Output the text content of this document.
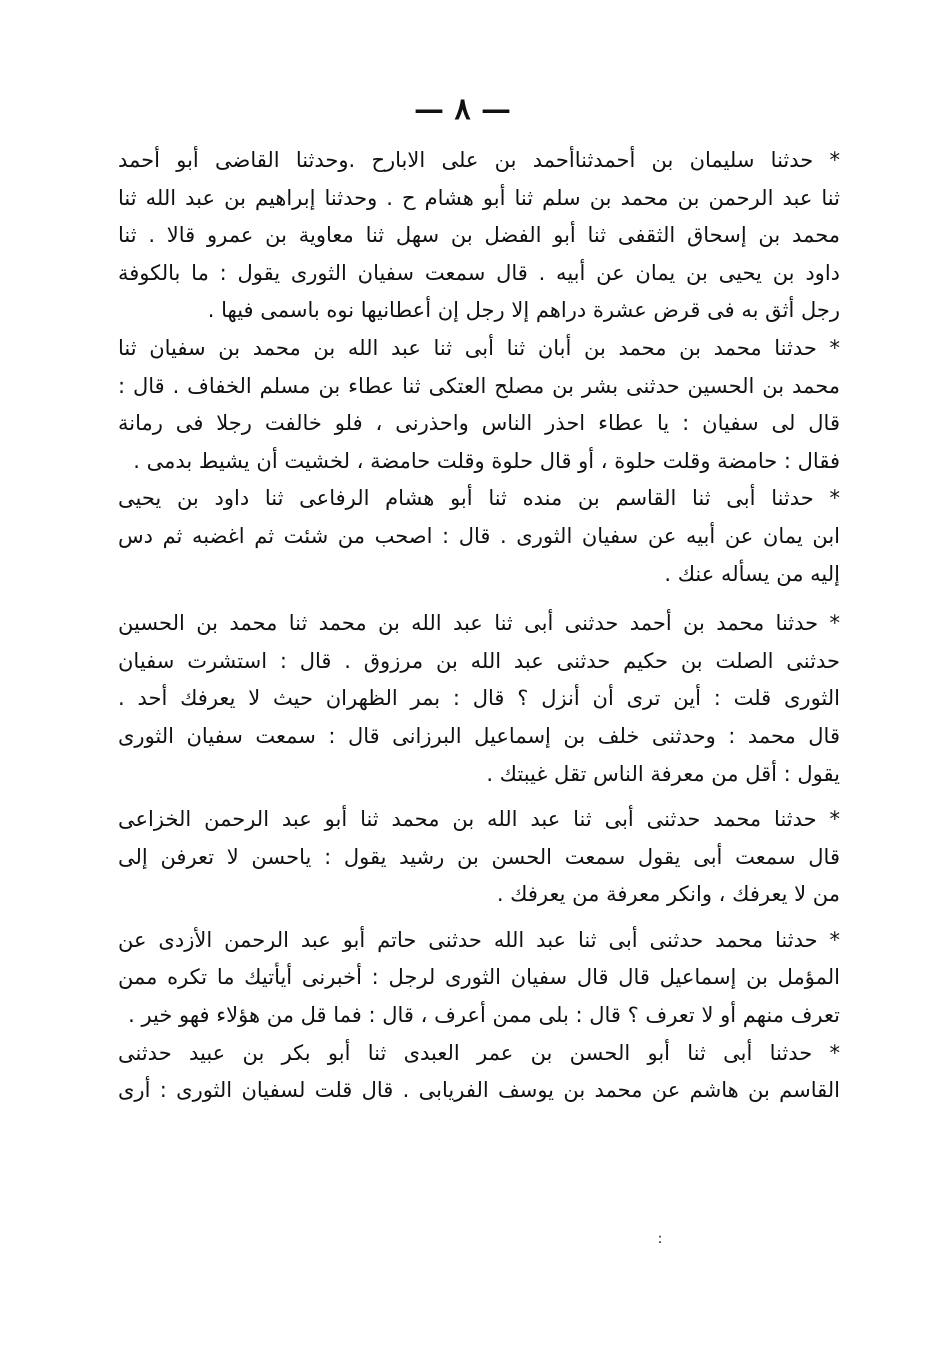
— ٨ —
* حدثنا سليمان بن أحمدثناأحمد بن على الابارح .وحدثنا القاضى أبو أحمد
ثنا عبد الرحمن بن محمد بن سلم ثنا أبو هشام ح . وحدثنا إبراهيم بن عبد الله ثنا
محمد بن إسحاق الثقفى ثنا أبو الفضل بن سهل ثنا معاوية بن عمرو قالا . ثنا
داود بن يحيى بن يمان عن أبيه . قال سمعت سفيان الثورى يقول : ما بالكوفة
رجل أثق به فى قرض عشرة دراهم إلا رجل إن أعطانيها نوه باسمى فيها .
* حدثنا محمد بن محمد بن أبان ثنا أبى ثنا عبد الله بن محمد بن سفيان ثنا
محمد بن الحسين حدثنى بشر بن مصلح العتكى ثنا عطاء بن مسلم الخفاف . قال :
قال لى سفيان : يا عطاء احذر الناس واحذرنى ، فلو خالفت رجلا فى رمانة
فقال : حامضة وقلت حلوة ، أو قال حلوة وقلت حامضة ، لخشيت أن يشيط بدمى .
* حدثنا أبى ثنا القاسم بن منده ثنا أبو هشام الرفاعى ثنا داود بن يحيى
ابن يمان عن أبيه عن سفيان الثورى . قال : اصحب من شئت ثم اغضبه ثم دس
إليه من يسأله عنك .
* حدثنا محمد بن أحمد حدثنى أبى ثنا عبد الله بن محمد ثنا محمد بن الحسين
حدثنى الصلت بن حكيم حدثنى عبد الله بن مرزوق . قال : استشرت سفيان
الثورى قلت : أين ترى أن أنزل ؟ قال : بمر الظهران حيث لا يعرفك أحد .
قال محمد : وحدثنى خلف بن إسماعيل البرزانى قال : سمعت سفيان الثورى
يقول : أقل من معرفة الناس تقل غيبتك .
* حدثنا محمد حدثنى أبى ثنا عبد الله بن محمد ثنا أبو عبد الرحمن الخزاعى
قال سمعت أبى يقول سمعت الحسن بن رشيد يقول : ياحسن لا تعرفن إلى
من لا يعرفك ، وانكر معرفة من يعرفك .
* حدثنا محمد حدثنى أبى ثنا عبد الله حدثنى حاتم أبو عبد الرحمن الأزدى عن
المؤمل بن إسماعيل قال قال سفيان الثورى لرجل : أخبرنى أيأتيك ما تكره ممن
تعرف منهم أو لا تعرف ؟ قال : بلى ممن أعرف ، قال : فما قل من هؤلاء فهو خير .
* حدثنا أبى ثنا أبو الحسن بن عمر العبدى ثنا أبو بكر بن عبيد حدثنى
القاسم بن هاشم عن محمد بن يوسف الفريابى . قال قلت لسفيان الثورى : أرى
:
